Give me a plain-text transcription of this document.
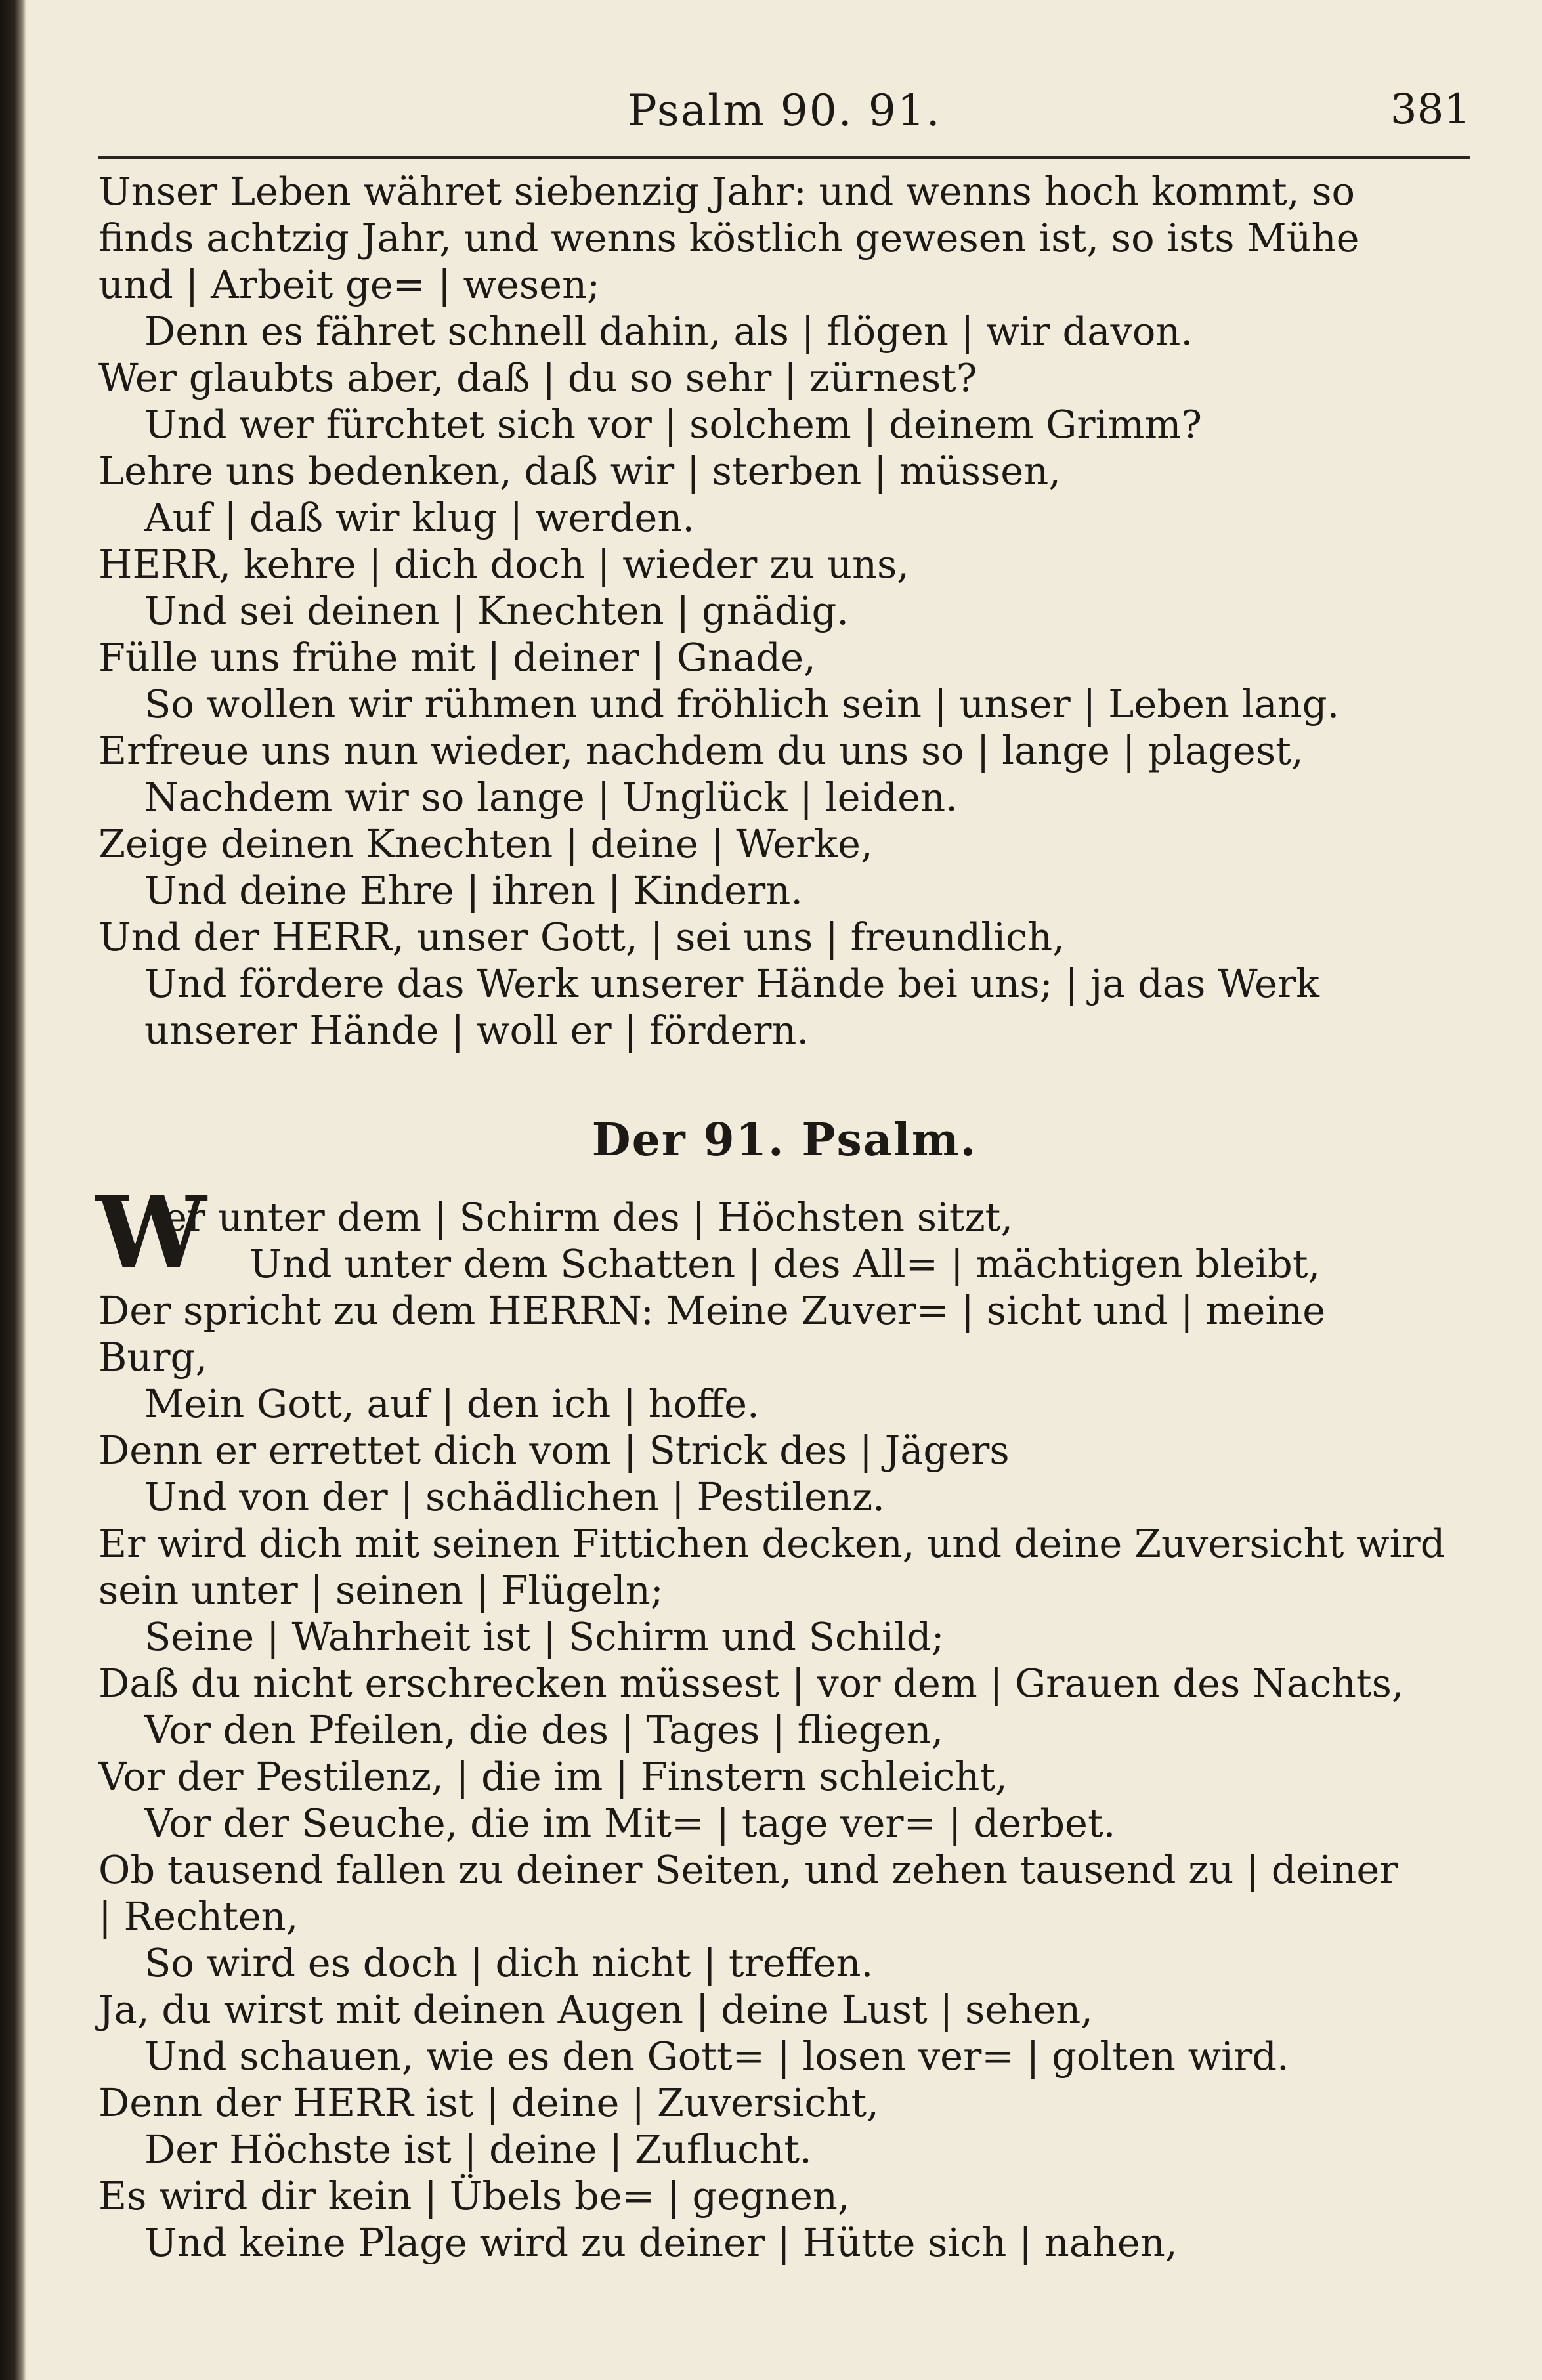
Psalm 90. 91.	381
Unser Leben währet siebenzig Jahr: und wenns hoch kommt, so
finds achtzig Jahr, und wenns köstlich gewesen ist, so ists Mühe
und | Arbeit ge= | wesen;
Denn es fähret schnell dahin, als | flögen | wir davon.
Wer glaubts aber, daß | du so sehr | zürnest?
Und wer fürchtet sich vor | solchem | deinem Grimm?
Lehre uns bedenken, daß wir | sterben | müssen,
Auf | daß wir klug | werden.
HERR, kehre | dich doch | wieder zu uns,
Und sei deinen | Knechten | gnädig.
Fülle uns frühe mit | deiner | Gnade,
So wollen wir rühmen und fröhlich sein | unser | Leben lang.
Erfreue uns nun wieder, nachdem du uns so | lange | plagest,
Nachdem wir so lange | Unglück | leiden.
Zeige deinen Knechten | deine | Werke,
Und deine Ehre | ihren | Kindern.
Und der HERR, unser Gott, | sei uns | freundlich,
Und fördere das Werk unserer Hände bei uns; | ja das Werk
unserer Hände | woll er | fördern.
Der 91. Psalm.
W
er unter dem | Schirm des | Höchsten sitzt,
Und unter dem Schatten | des All= | mächtigen bleibt,
Der spricht zu dem HERRN: Meine Zuver= | sicht und | meine
Burg,
Mein Gott, auf | den ich | hoffe.
Denn er errettet dich vom | Strick des | Jägers
Und von der | schädlichen | Pestilenz.
Er wird dich mit seinen Fittichen decken, und deine Zuversicht wird
sein unter | seinen | Flügeln;
Seine | Wahrheit ist | Schirm und Schild;
Daß du nicht erschrecken müssest | vor dem | Grauen des Nachts,
Vor den Pfeilen, die des | Tages | fliegen,
Vor der Pestilenz, | die im | Finstern schleicht,
Vor der Seuche, die im Mit= | tage ver= | derbet.
Ob tausend fallen zu deiner Seiten, und zehen tausend zu | deiner
| Rechten,
So wird es doch | dich nicht | treffen.
Ja, du wirst mit deinen Augen | deine Lust | sehen,
Und schauen, wie es den Gott= | losen ver= | golten wird.
Denn der HERR ist | deine | Zuversicht,
Der Höchste ist | deine | Zuflucht.
Es wird dir kein | Übels be= | gegnen,
Und keine Plage wird zu deiner | Hütte sich | nahen,
